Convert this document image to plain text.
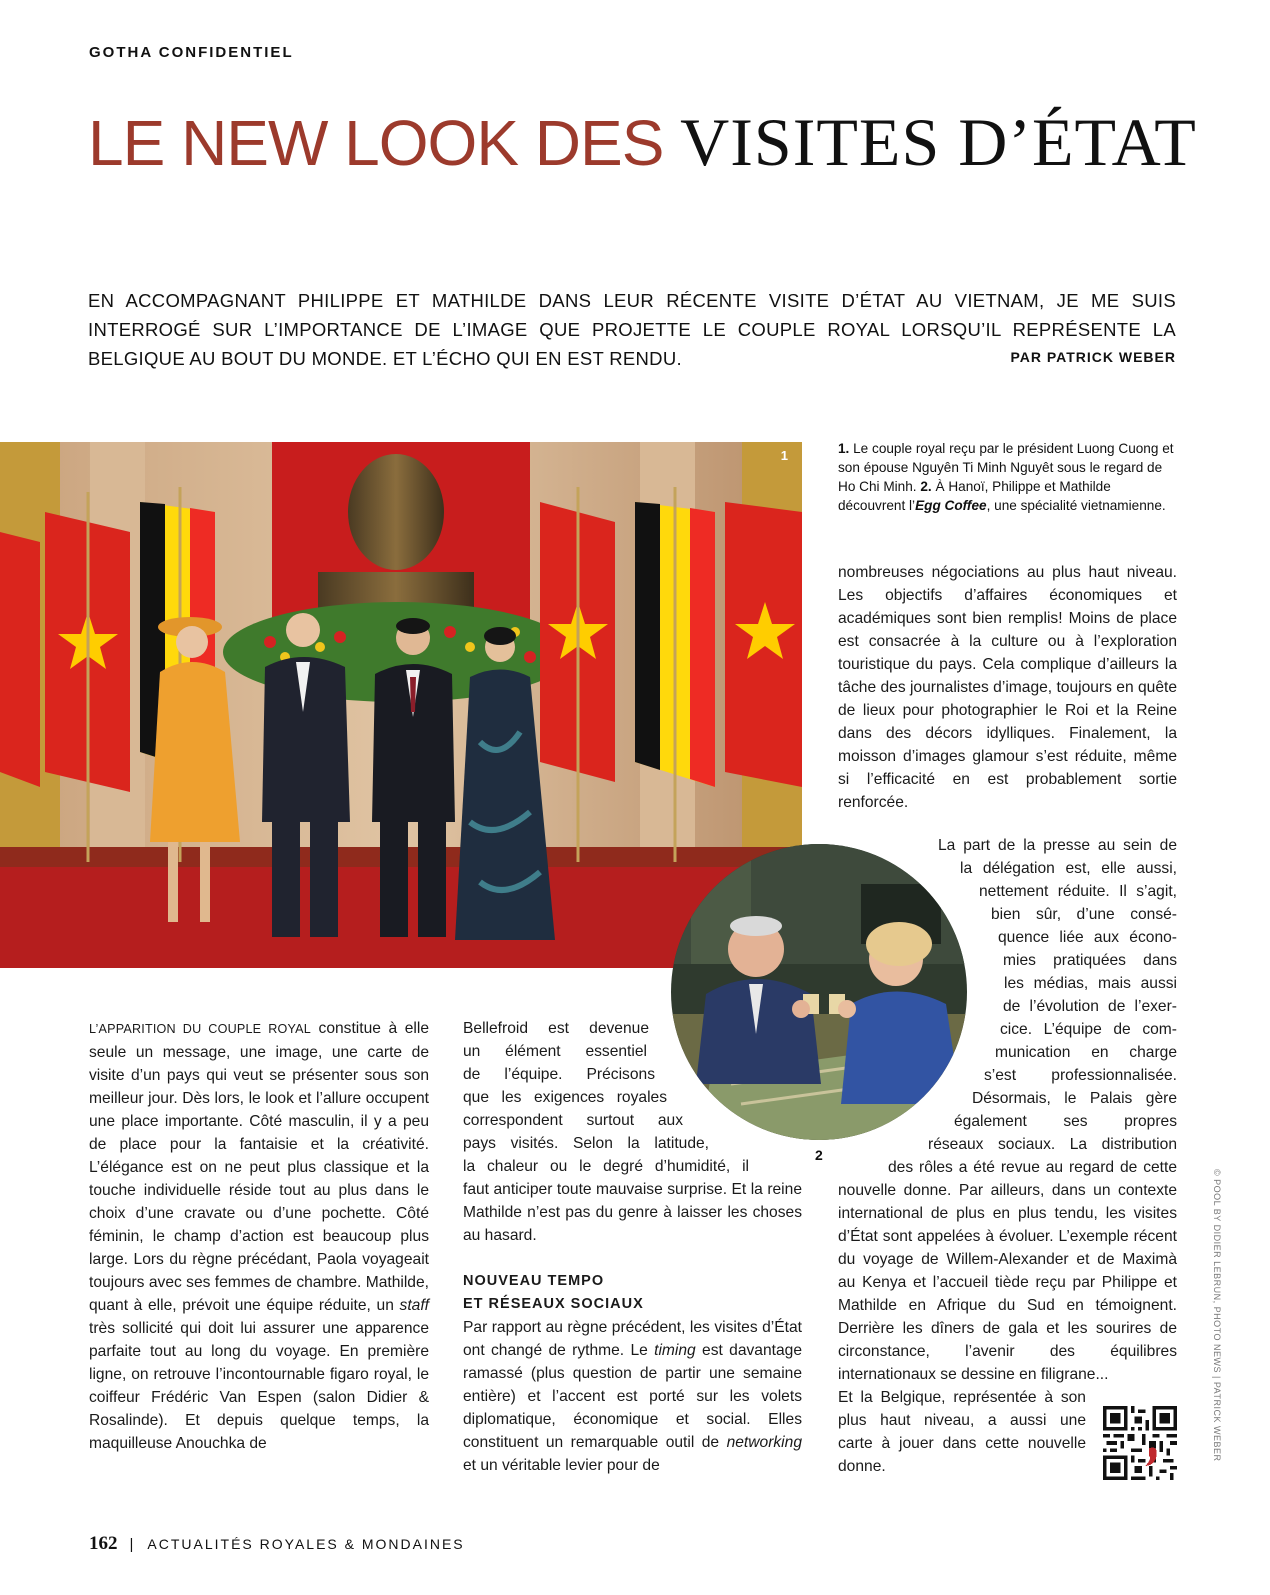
GOTHA CONFIDENTIEL
LE NEW LOOK DES VISITES D’ÉTAT
EN ACCOMPAGNANT PHILIPPE ET MATHILDE DANS LEUR RÉCENTE VISITE D’ÉTAT AU VIETNAM, JE ME SUIS INTERROGÉ SUR L’IMPORTANCE DE L’IMAGE QUE PROJETTE LE COUPLE ROYAL LORSQU’IL REPRÉSENTE LA BELGIQUE AU BOUT DU MONDE. ET L’ÉCHO QUI EN EST RENDU.	PAR PATRICK WEBER
1	1. Le couple royal reçu par le président Luong Cuong et son épouse Nguyên Ti Minh Nguyêt sous le regard de Ho Chi Minh. 2. À Hanoï, Philippe et Mathilde découvrent l’Egg Coffee, une spécialité vietnamienne.

nombreuses négociations au plus haut niveau. Les objectifs d’affaires économiques et académiques sont bien remplis! Moins de place est consacrée à la culture ou à l’exploration touristique du pays. Cela complique d’ailleurs la tâche des journalistes d’image, toujours en quête de lieux pour photographier le Roi et la Reine dans des décors idylliques. Finalement, la moisson d’images glamour s’est réduite, même si l’efficacité en est probablement sortie renforcée.

2

L’APPARITION DU COUPLE ROYAL constitue à elle seule un message, une image, une carte de visite d’un pays qui veut se présenter sous son meilleur jour. Dès lors, le look et l’allure occupent une place importante. Côté masculin, il y a peu de place pour la fantaisie et la créativité. L’élégance est on ne peut plus classique et la touche individuelle réside tout au plus dans le choix d’une cravate ou d’une pochette. Côté féminin, le champ d’action est beaucoup plus large. Lors du règne précédant, Paola voyageait toujours avec ses femmes de chambre. Mathilde, quant à elle, prévoit une équipe réduite, un staff très sollicité qui doit lui assurer une apparence parfaite tout au long du voyage. En première ligne, on retrouve l’incontournable figaro royal, le coiffeur Frédéric Van Espen (salon Didier & Rosalinde). Et depuis quelque temps, la maquilleuse Anouchka de

Bellefroid est devenue
un élément essentiel
de l’équipe. Précisons
que les exigences royales
correspondent surtout aux
pays visités. Selon la latitude,
la chaleur ou le degré d’humidité, il

faut anticiper toute mauvaise surprise. Et la reine Mathilde n’est pas du genre à laisser les choses au hasard.

NOUVEAU TEMPO

ET RÉSEAUX SOCIAUX

Par rapport au règne précédent, les visites d’État ont changé de rythme. Le timing est davantage ramassé (plus question de partir une semaine entière) et l’accent est porté sur les volets diplomatique, économique et social. Elles constituent un remarquable outil de networking et un véritable levier pour de

La part de la presse au sein de
la délégation est, elle aussi,
nettement réduite. Il s’agit,
bien sûr, d’une consé-
quence liée aux écono-
mies pratiquées dans
les médias, mais aussi
de l’évolution de l’exer-
cice. L’équipe de com-
munication en charge
s’est professionnalisée.
Désormais, le Palais gère
également ses propres
réseaux sociaux. La distribution
des rôles a été revue au regard de cette

nouvelle donne. Par ailleurs, dans un contexte international de plus en plus tendu, les visites d’État sont appelées à évoluer. L’exemple récent du voyage de Willem-Alexander et de Maximà au Kenya et l’accueil tiède reçu par Philippe et Mathilde en Afrique du Sud en témoignent. Derrière les dîners de gala et les sourires de circonstance, l’avenir des équilibres internationaux se dessine en filigrane...

Et la Belgique, représentée à son
plus haut niveau, a aussi une
carte à jouer dans cette nouvelle
donne.
162 | ACTUALITÉS ROYALES & MONDAINES
© POOL BY DIDIER LEBRUN, PHOTO NEWS | PATRICK WEBER
